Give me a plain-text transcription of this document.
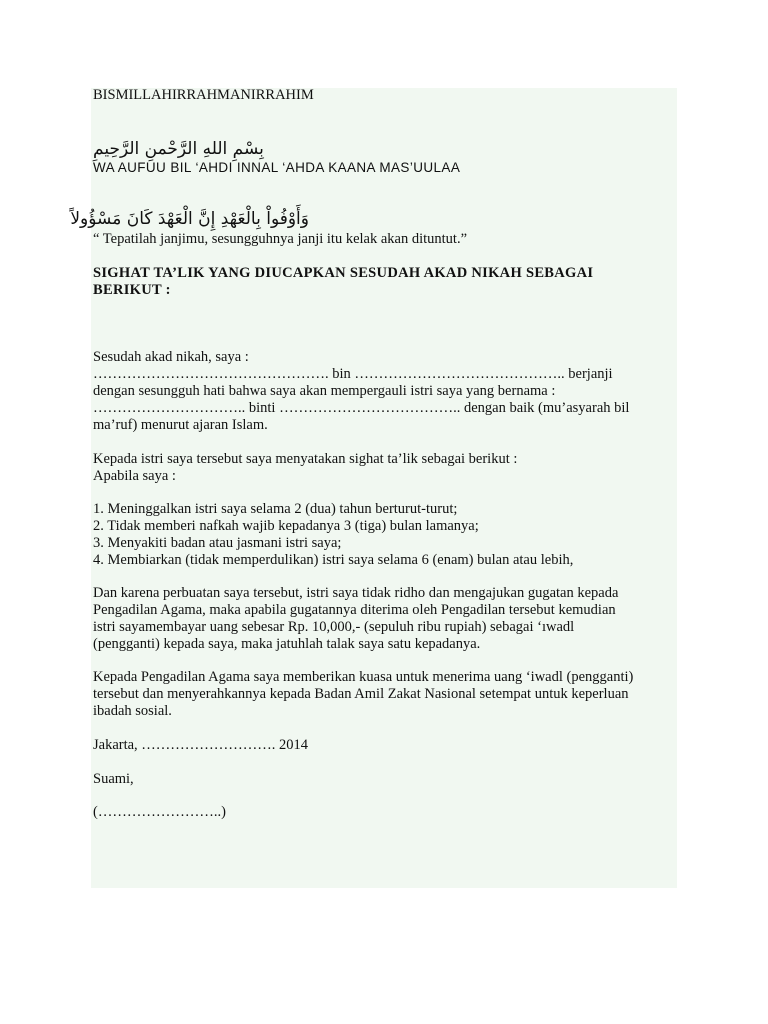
BISMILLAHIRRAHMANIRRAHIM

بِسْمِ اللهِ الرَّحْمنِ الرَّحِيمِ

WA AUFUU BIL ‘AHDI INNAL ‘AHDA KAANA MAS’UULAA

وَأَوْفُواْ بِالْعَهْدِ إِنَّ الْعَهْدَ كَانَ مَسْؤُولاً

“ Tepatilah janjimu, sesungguhnya janji itu kelak akan dituntut.”

SIGHAT TA’LIK YANG DIUCAPKAN SESUDAH AKAD NIKAH SEBAGAI

BERIKUT :

Sesudah akad nikah, saya :

…………………………………………. bin …………………………………….. berjanji

dengan sesungguh hati bahwa saya akan mempergauli istri saya yang bernama :

………………………….. binti ……………………………….. dengan baik (mu’asyarah bil

ma’ruf) menurut ajaran Islam.

Kepada istri saya tersebut saya menyatakan sighat ta’lik sebagai berikut :

Apabila saya :

1. Meninggalkan istri saya selama 2 (dua) tahun berturut-turut;
2. Tidak memberi nafkah wajib kepadanya 3 (tiga) bulan lamanya;
3. Menyakiti badan atau jasmani istri saya;
4. Membiarkan (tidak memperdulikan) istri saya selama 6 (enam) bulan atau lebih,
Dan karena perbuatan saya tersebut, istri saya tidak ridho dan mengajukan gugatan kepada
Pengadilan Agama, maka apabila gugatannya diterima oleh Pengadilan tersebut kemudian
istri sayamembayar uang sebesar Rp. 10,000,- (sepuluh ribu rupiah) sebagai ‘ıwadl
(pengganti) kepada saya, maka jatuhlah talak saya satu kepadanya.
Kepada Pengadilan Agama saya memberikan kuasa untuk menerima uang ‘iwadl (pengganti)
tersebut dan menyerahkannya kepada Badan Amil Zakat Nasional setempat untuk keperluan
ibadah sosial.

Jakarta, ………………………. 2014

Suami,

(……………………..)
